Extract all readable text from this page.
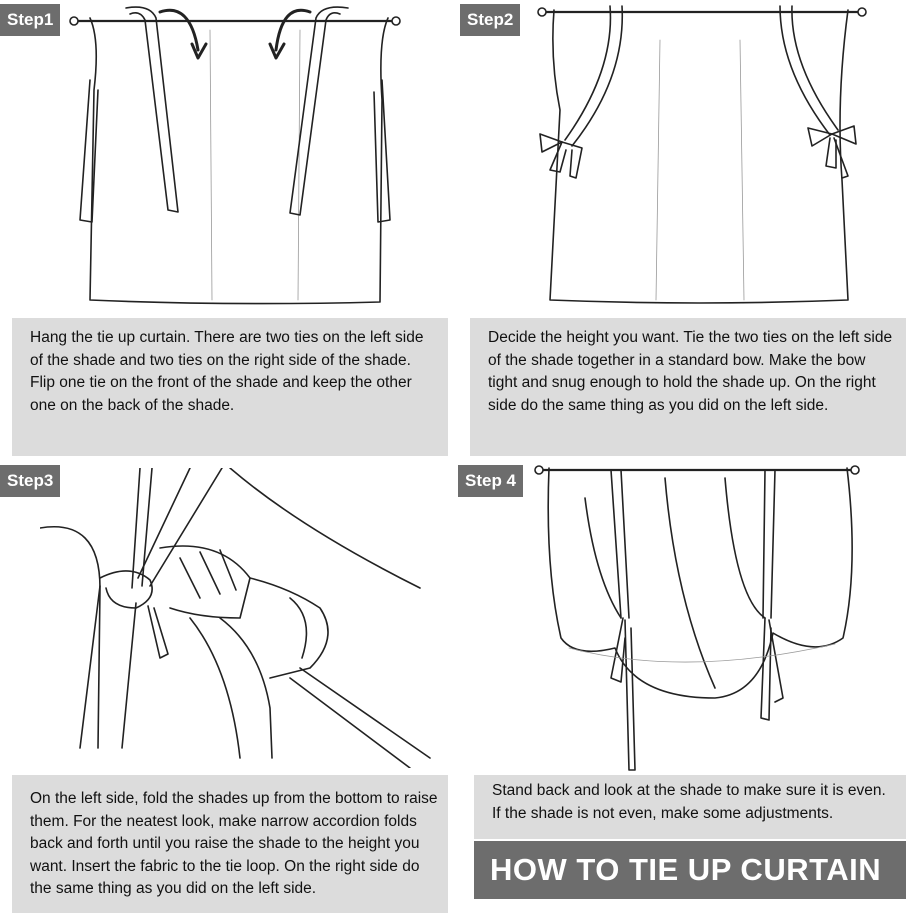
Step1
Hang the tie up curtain. There are two ties on the left side of the shade and two ties on the right side of the shade. Flip one tie on the front of the shade and keep the other one on the back of the shade.
Step2
Decide the height you want. Tie the two ties on the left side of the shade together in a standard bow. Make the bow tight and snug enough to hold the shade up. On the right side do the same thing as you did on the left side.
Step3
On the left side, fold the shades up from the bottom to raise them. For the neatest look, make narrow accordion folds back and forth until you raise the shade to the height you want. Insert the fabric to the tie loop. On the right side do the same thing as you did on the left side.
Step 4
Stand back and look at the shade to make sure it is even. If the shade is not even, make some adjustments.
HOW TO TIE UP CURTAIN
